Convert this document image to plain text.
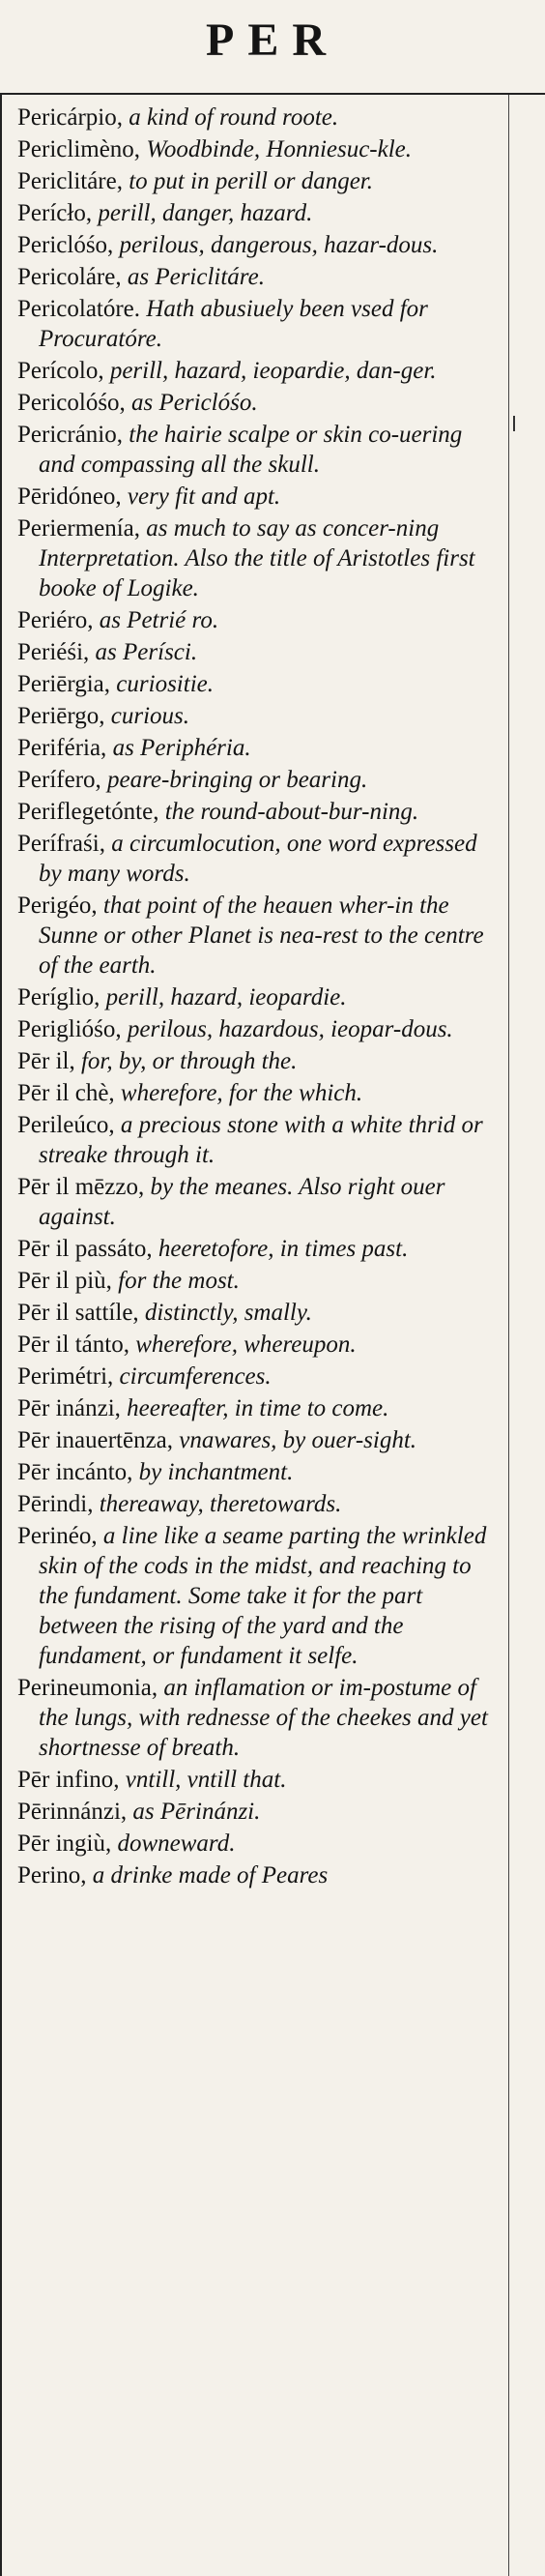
PER
Pericárpio, a kind of round roote.
Periclimèno, Woodbinde, Honniesuc-kle.
Periclitáre, to put in perill or danger.
Perícło, perill, danger, hazard.
Periclóśo, perilous, dangerous, hazar-dous.
Pericoláre, as Periclitáre.
Pericolatóre. Hath abusiuely been vsed for Procuratóre.
Perícolo, perill, hazard, ieopardie, dan-ger.
Pericolóśo, as Periclóśo.
Pericránio, the hairie scalpe or skin co-uering and compassing all the skull.
Pēridóneo, very fit and apt.
Periermenía, as much to say as concer-ning Interpretation. Also the title of Aristotles first booke of Logike.
Periéro, as Petrié ro.
Periéśi, as Perísci.
Periērgia, curiositie.
Periērgo, curious.
Periféria, as Periphéria.
Perífero, peare-bringing or bearing.
Periflegetónte, the round-about-bur-ning.
Perífraśi, a circumlocution, one word expressed by many words.
Perigéo, that point of the heauen wher-in the Sunne or other Planet is nea-rest to the centre of the earth.
Períglio, perill, hazard, ieopardie.
Periglióśo, perilous, hazardous, ieopar-dous.
Pēr il, for, by, or through the.
Pēr il chè, wherefore, for the which.
Perileúco, a precious stone with a white thrid or streake through it.
Pēr il mēzzo, by the meanes. Also right ouer against.
Pēr il passáto, heeretofore, in times past.
Pēr il più, for the most.
Pēr il sattíle, distinctly, smally.
Pēr il tánto, wherefore, whereupon.
Perimétri, circumferences.
Pēr inánzi, heereafter, in time to come.
Pēr inauertēnza, vnawares, by ouer-sight.
Pēr incánto, by inchantment.
Pērindi, thereaway, theretowards.
Perinéo, a line like a seame parting the wrinkled skin of the cods in the midst, and reaching to the fundament. Some take it for the part between the rising of the yard and the fundament, or fundament it selfe.
Perineumonia, an inflamation or im-postume of the lungs, with rednesse of the cheekes and yet shortnesse of breath.
Pēr infino, vntill, vntill that.
Pērinnánzi, as Pērinánzi.
Pēr ingiù, downeward.
Perino, a drinke made of Peares
